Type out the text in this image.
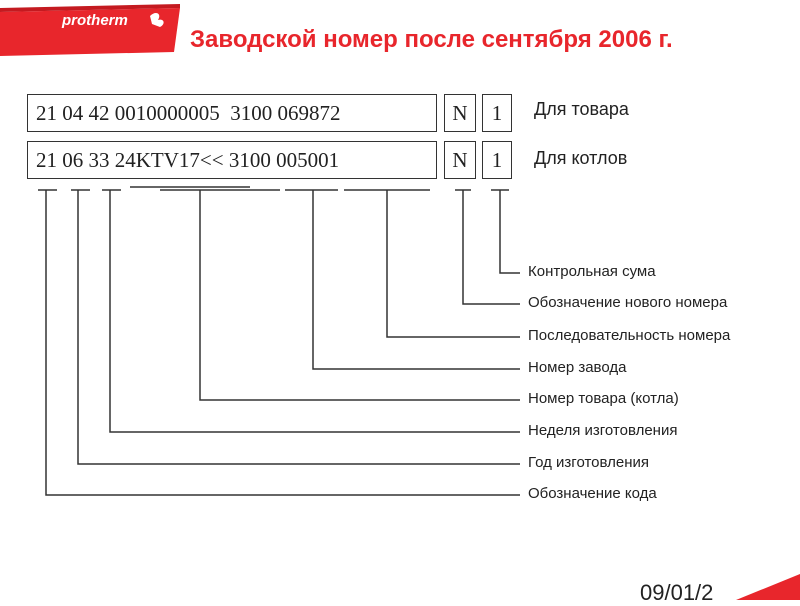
protherm
Заводской номер после сентября 2006 г.
21 04 42 0010000005  3100 069872	N	1	Для товара
21 06 33 24KTV17<< 3100 005001	N	1	Для котлов
Контрольная сума
Обозначение нового номера
Последовательность номера
Номер завода
Номер товара (котла)
Неделя изготовления
Год изготовления
Обозначение кода
09/01/2
